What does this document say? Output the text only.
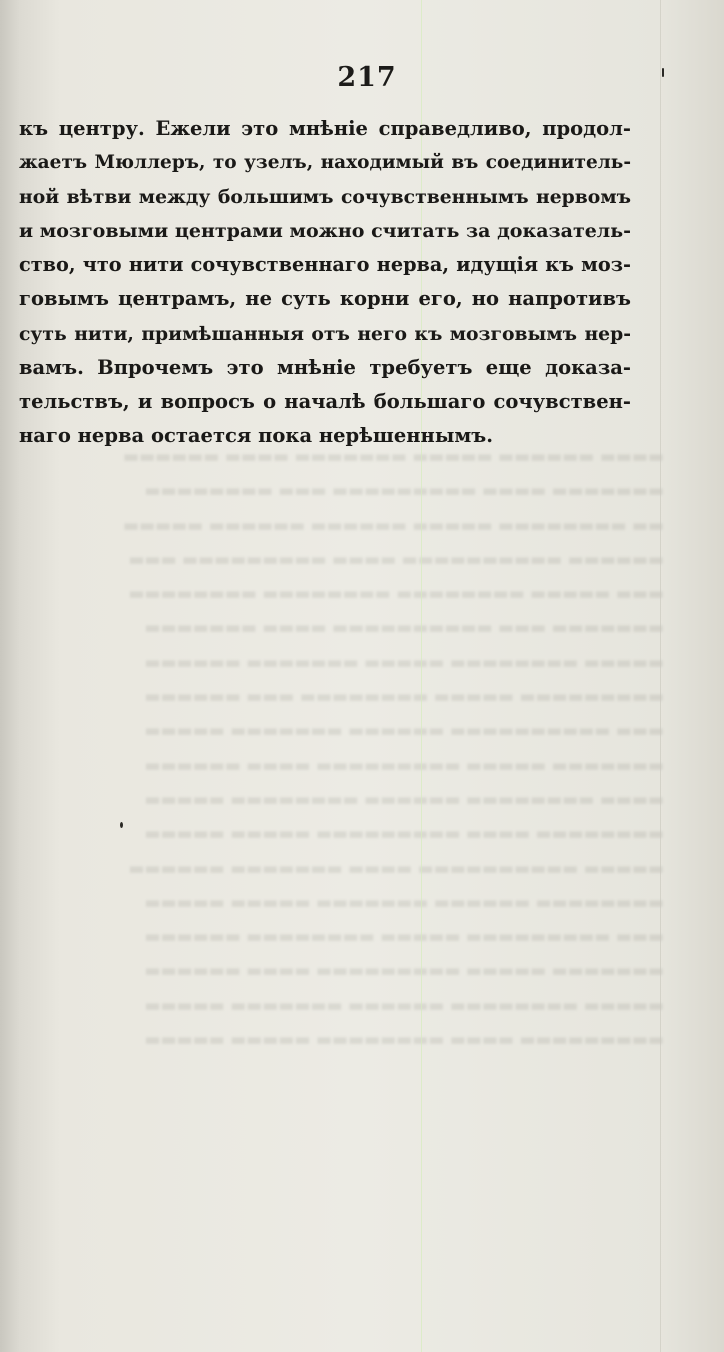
▬▬▬▬ ▬▬▬▬▬▬ ▬▬▬▬▬ ▬▬▬▬▬▬▬ ▬▬▬▬ ▬▬▬▬▬▬
▬▬▬▬▬▬▬ ▬▬▬▬ ▬▬▬▬▬▬▬▬▬ ▬▬▬ ▬▬▬▬▬▬▬▬
▬▬ ▬▬▬▬▬▬▬▬ ▬▬▬▬▬ ▬▬▬▬▬▬ ▬▬▬▬▬▬ ▬▬▬▬▬
▬▬▬▬▬▬ ▬▬▬▬▬▬▬▬▬▬ ▬▬▬▬ ▬▬▬▬▬▬▬▬▬ ▬▬▬
▬▬▬ ▬▬▬▬▬ ▬▬▬▬▬▬▬▬ ▬▬▬▬▬▬▬▬ ▬▬▬▬▬▬▬▬
▬▬▬▬▬▬▬ ▬▬▬ ▬▬▬▬▬▬▬▬▬▬ ▬▬▬▬ ▬▬▬▬▬▬▬
▬▬▬▬▬ ▬▬▬▬▬▬▬▬ ▬▬▬▬▬ ▬▬▬▬▬▬▬ ▬▬▬▬▬▬
▬▬▬▬▬▬▬▬▬ ▬▬▬▬▬ ▬▬▬▬▬▬▬▬ ▬▬▬ ▬▬▬▬▬▬
▬▬▬ ▬▬▬▬▬▬▬▬▬▬ ▬▬▬▬▬▬ ▬▬▬▬▬▬▬ ▬▬▬▬▬
▬▬▬▬▬▬▬ ▬▬▬▬▬ ▬▬▬▬▬▬▬▬▬ ▬▬▬▬ ▬▬▬▬▬▬
▬▬▬▬ ▬▬▬▬▬▬▬▬ ▬▬▬▬▬▬ ▬▬▬▬▬▬▬▬ ▬▬▬▬▬
▬▬▬▬▬▬▬▬ ▬▬▬▬ ▬▬▬▬▬▬▬▬▬ ▬▬▬▬▬ ▬▬▬▬▬
▬▬▬▬▬ ▬▬▬▬▬▬▬▬▬▬ ▬▬▬▬ ▬▬▬▬▬▬▬ ▬▬▬▬▬▬
▬▬▬▬▬▬▬▬ ▬▬▬▬▬▬ ▬▬▬▬▬▬▬ ▬▬▬▬▬ ▬▬▬▬▬
▬▬▬ ▬▬▬▬▬▬▬▬▬ ▬▬▬▬▬ ▬▬▬▬▬▬▬▬ ▬▬▬▬▬▬
▬▬▬▬▬▬▬ ▬▬▬▬▬ ▬▬▬▬▬▬▬▬▬ ▬▬▬▬ ▬▬▬▬▬▬
▬▬▬▬▬ ▬▬▬▬▬▬▬▬ ▬▬▬▬▬▬ ▬▬▬▬▬▬▬ ▬▬▬▬▬
▬▬▬▬▬▬▬▬▬ ▬▬▬▬ ▬▬▬▬▬▬▬▬ ▬▬▬▬▬ ▬▬▬▬▬
217
къ центру. Ежели это мнѣніе справедливо, продол-
жаетъ Мюллеръ, то узелъ, находимый въ соединитель-
ной вѣтви между большимъ сочувственнымъ нервомъ
и мозговыми центрами можно считать за доказатель-
ство, что нити сочувственнаго нерва, идущія къ моз-
говымъ центрамъ, не суть корни его, но напротивъ
суть нити, примѣшанныя отъ него къ мозговымъ нер-
вамъ. Впрочемъ это мнѣніе требуетъ еще доказа-
тельствъ, и вопросъ о началѣ большаго сочувствен-
наго нерва остается пока нерѣшеннымъ.
